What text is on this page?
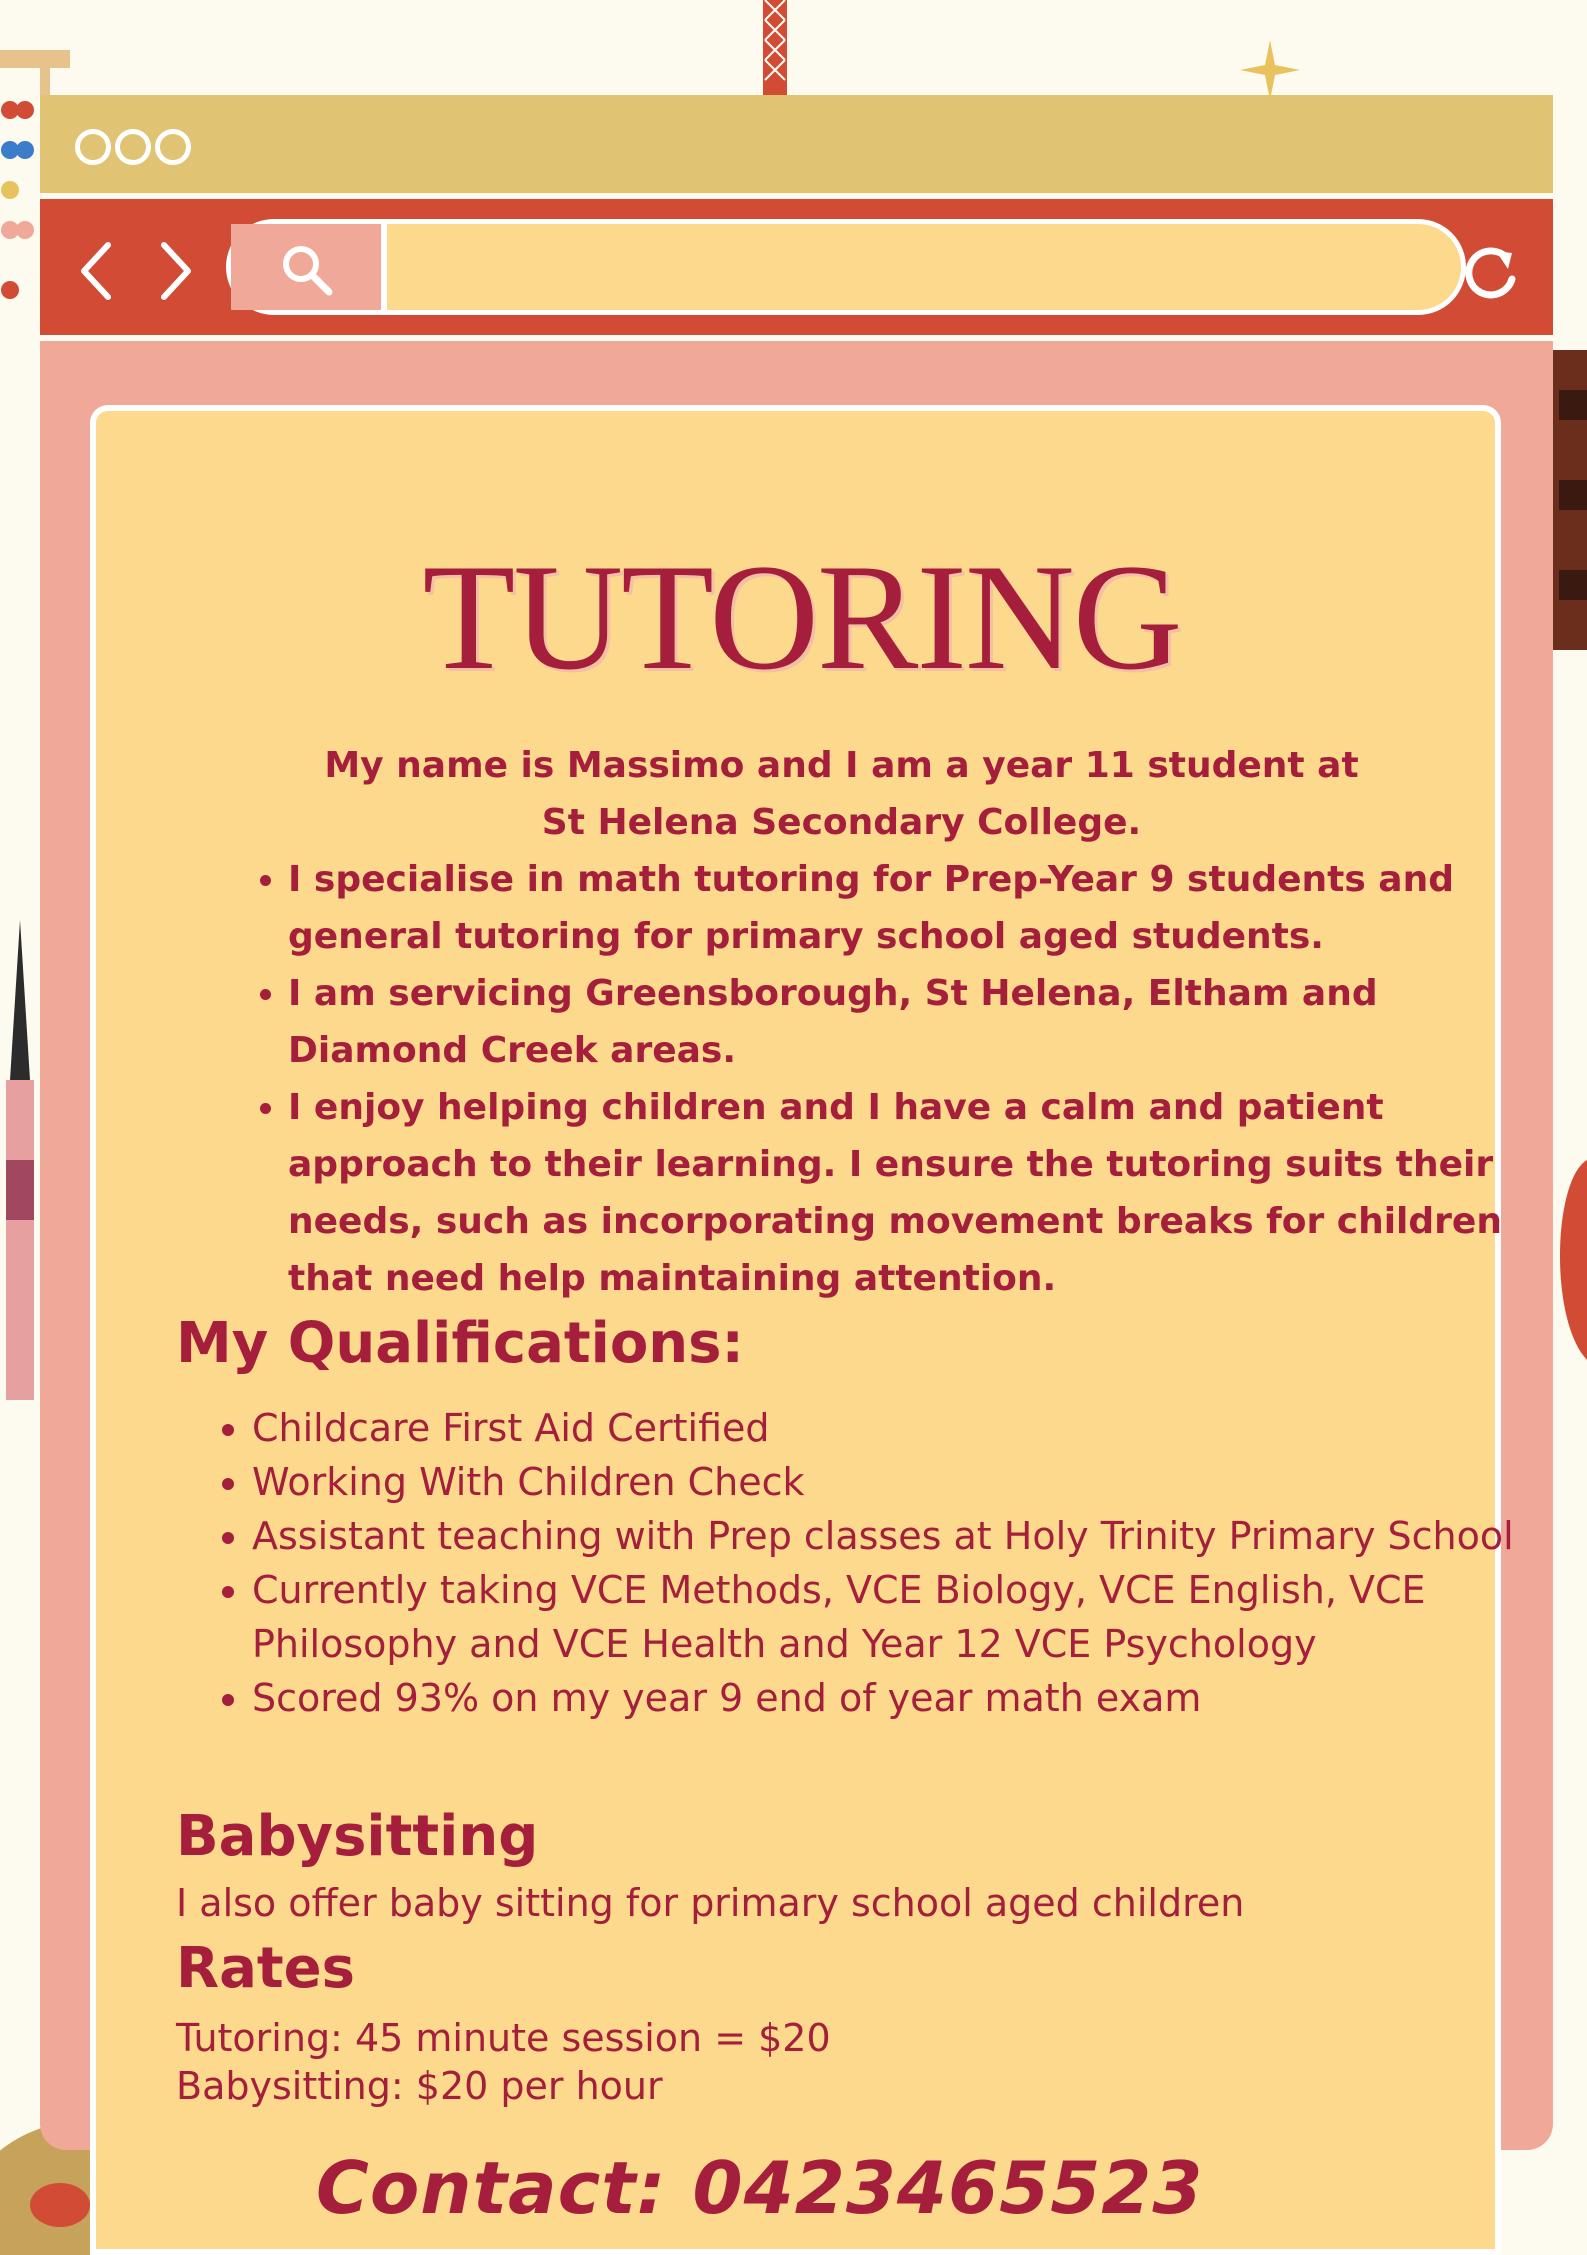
TUTORING

My name is Massimo and I am a year 11 student at
St Helena Secondary College.

• I specialise in math tutoring for Prep-Year 9 students and general tutoring for primary school aged students.
• I am servicing Greensborough, St Helena, Eltham and Diamond Creek areas.
• I enjoy helping children and I have a calm and patient approach to their learning. I ensure the tutoring suits their needs, such as incorporating movement breaks for children that need help maintaining attention.
My Qualifications:
• Childcare First Aid Certified
• Working With Children Check
• Assistant teaching with Prep classes at Holy Trinity Primary School
• Currently taking VCE Methods, VCE Biology, VCE English, VCE Philosophy and VCE Health and Year 12 VCE Psychology
• Scored 93% on my year 9 end of year math exam
Babysitting

I also offer baby sitting for primary school aged children

Rates

Tutoring: 45 minute session = $20

Babysitting: $20 per hour

Contact: 0423465523
